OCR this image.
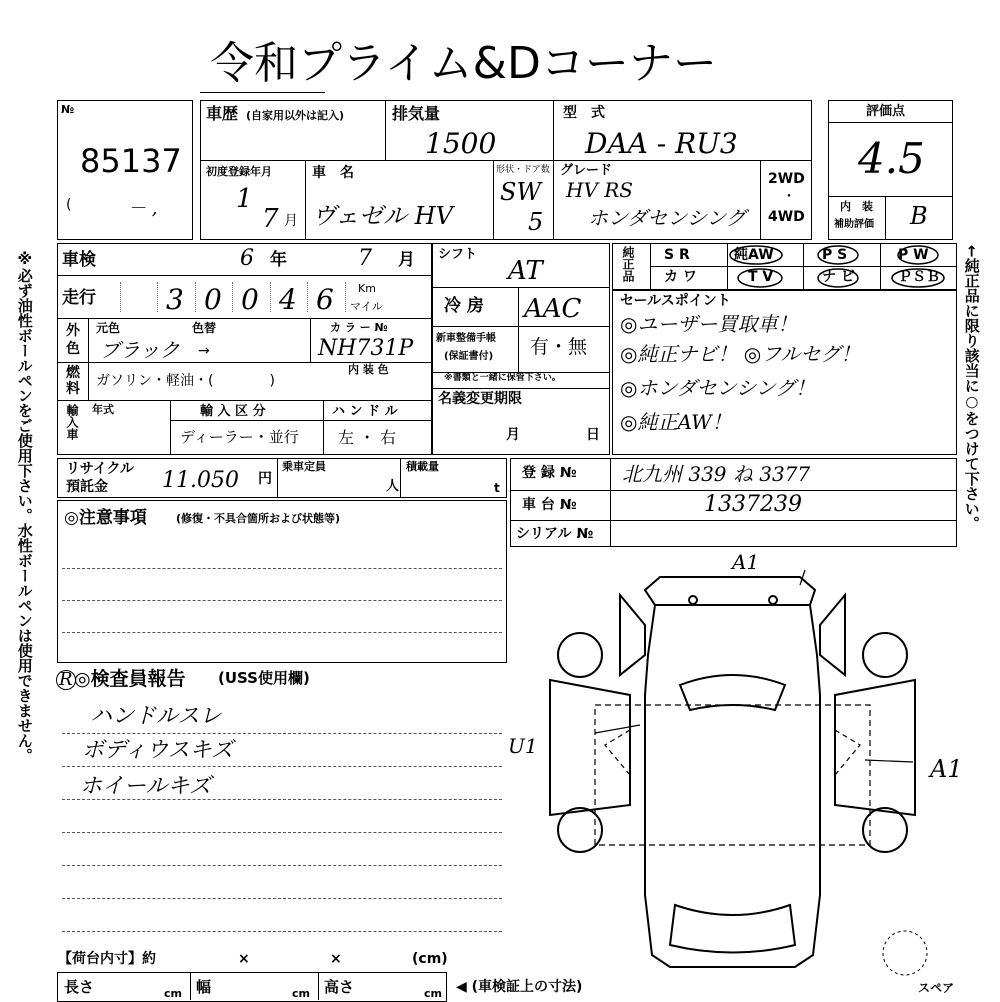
令和プライム&Dコーナー
※必ず油性ボールペンをご使用下さい。水性ボールペンは使用できません。	←純正品に限り該当に○をつけて下さい。
№
85137
(	－ ,
車歴 (自家用以外は記入)	排気量
1500
型　式
DAA - RU3
初度登録年月
1
7 月
車　名
ヴェゼル HV
形状・ドア数
SW
5
グレード
HV RS
ホンダセンシング
2WD
・
4WD
評価点
4.5
内　装
補助評価 B
車検	6 年	7 月
走行	3 0 0 4 6 Km
マイル
外
色
元色	色替
ブラック →
カ ラ ー №
NH731P
燃
料 ガソリン・軽油・(　　　　)
内 装 色
輸入車 年式	輸 入 区 分
ディーラー・並行
ハ ン ド ル
左 ・ 右
シフト
AT
冷 房 AAC
新車整備手帳
(保証書付) 有・無
※書類と一緒に保管下さい。
名義変更期限
月	日
純正品 S R	純AW	P S	P W
カ ワ	T V	ナ ビ	ＰＳＢ
セールスポイント
◎ユーザー買取車！
◎純正ナビ！ ◎フルセグ！
◎ホンダセンシング！
◎純正AW！
リサイクル
預託金 11.050 円
乗車定員
人
積載量
t
登 録 № 北九州 339 ね 3377
車 台 №	1337239
シリアル №
◎注意事項	(修復・不具合箇所および状態等)
R ◎検査員報告 (USS使用欄)
ハンドルスレ
ボディウスキズ
ホイールキズ
A1
U1
A1
【荷台内寸】約	×	×	(cm)
長さ	cm 幅	cm 高さ	cm ◀ (車検証上の寸法)	スペア
